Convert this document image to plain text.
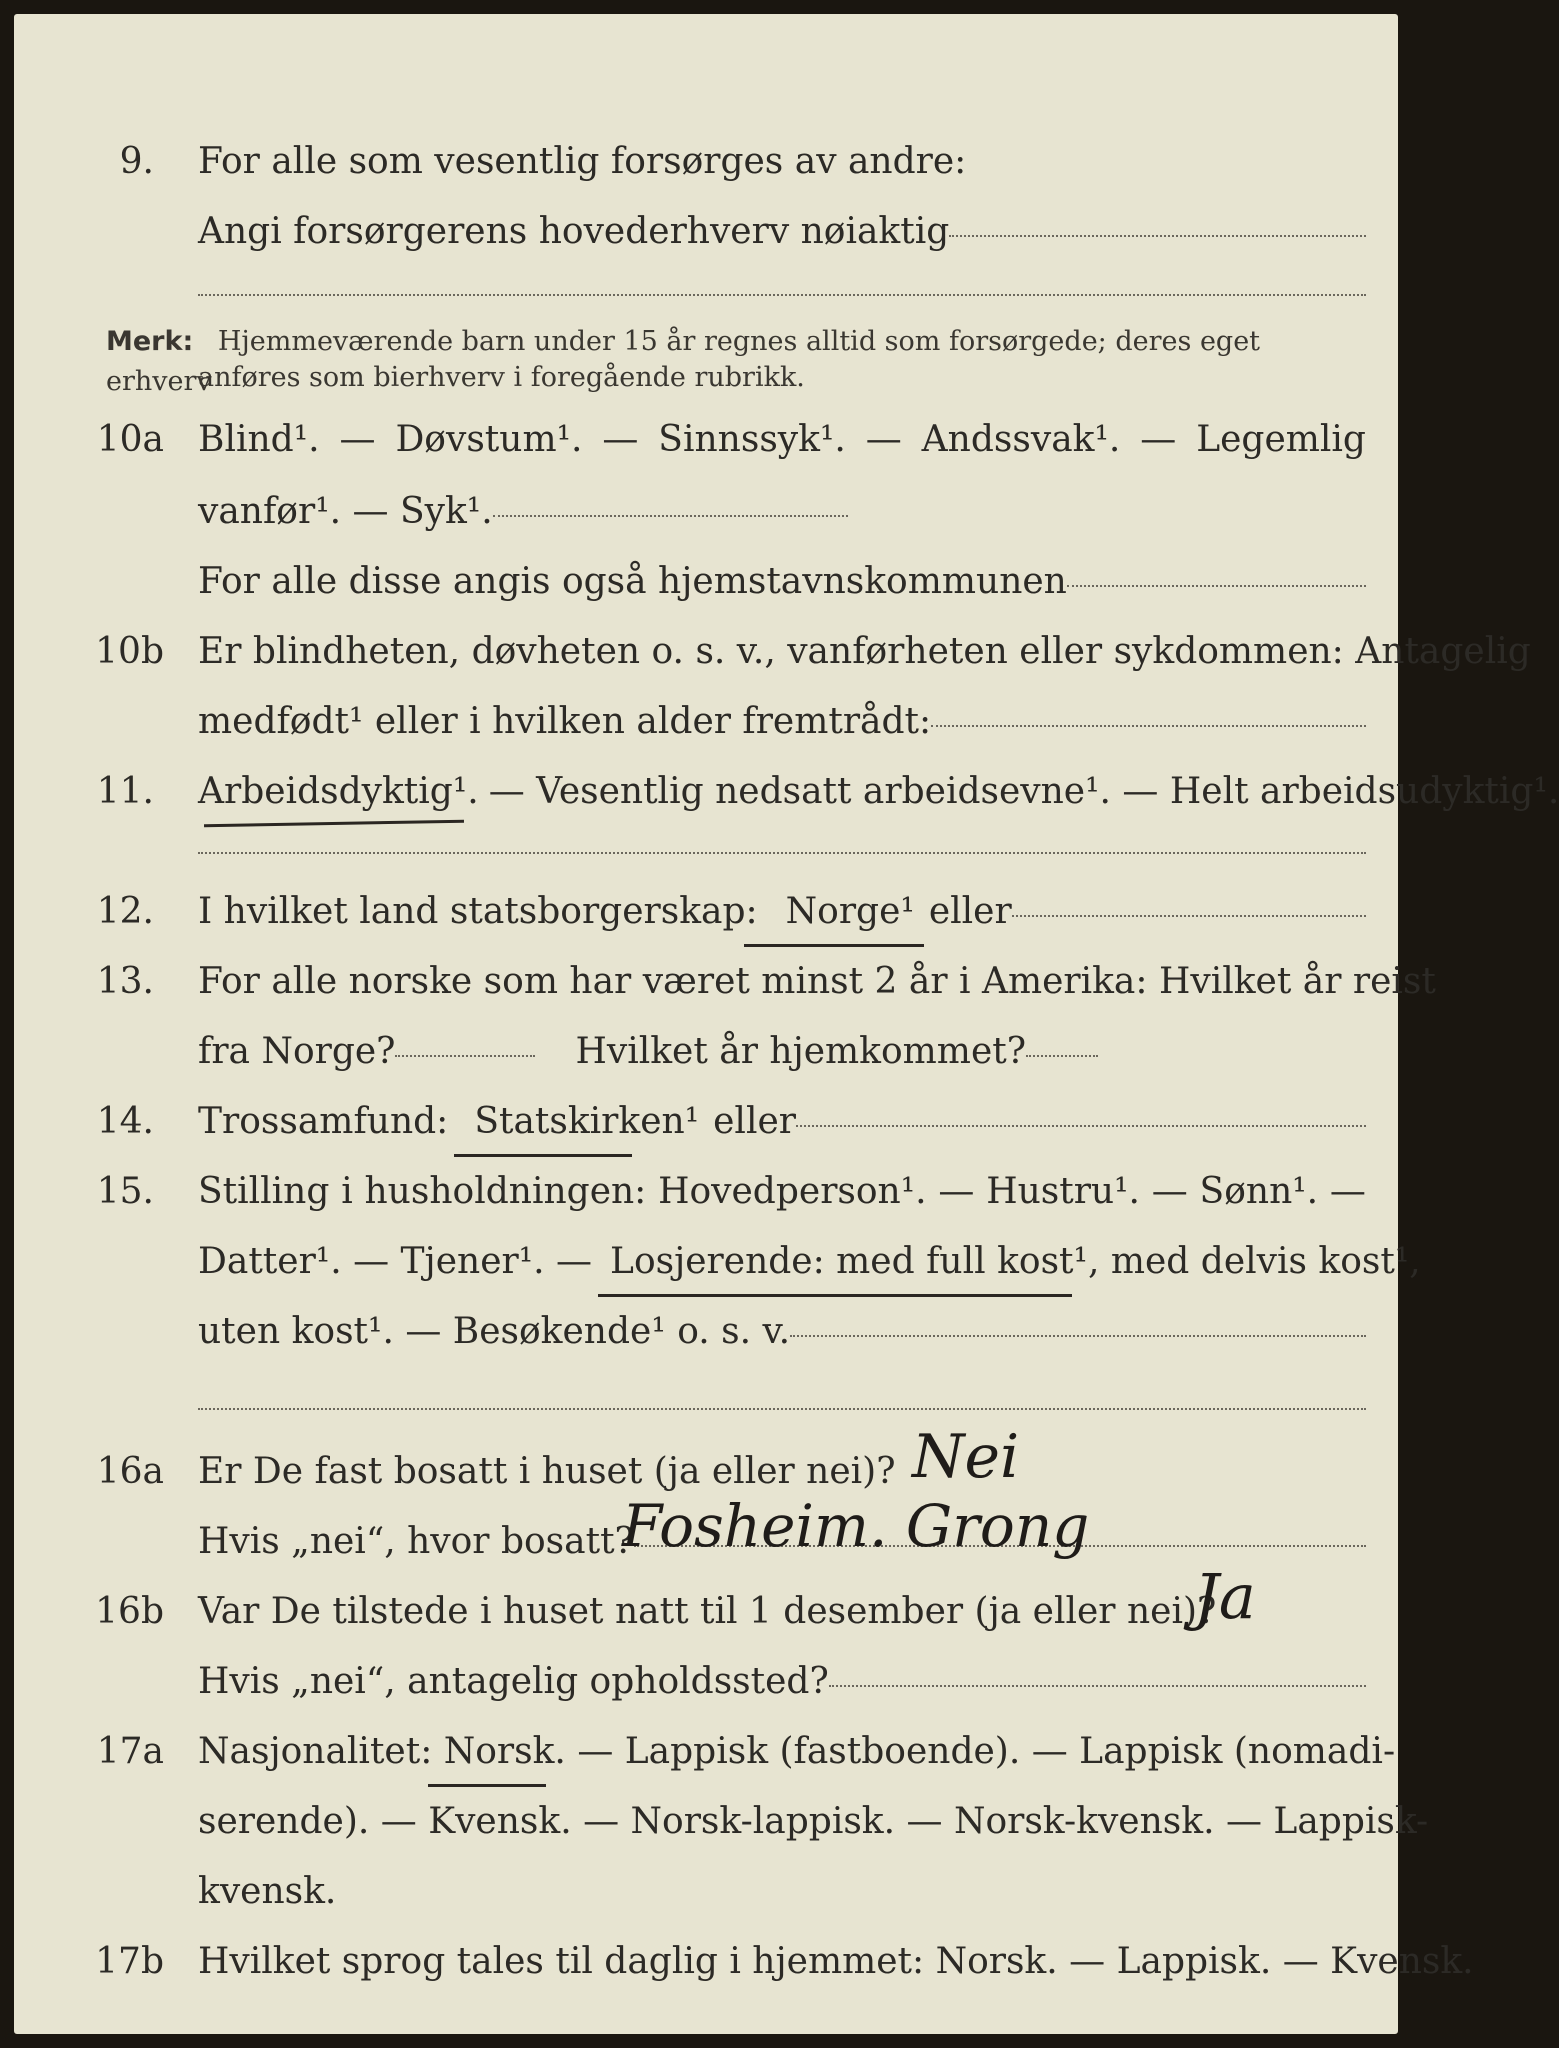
9. For alle som vesentlig forsørges av andre:
Angi forsørgerens hovederhverv nøiaktig
Merk: Hjemmeværende barn under 15 år regnes alltid som forsørgede; deres eget erhverv
anføres som bierhverv i foregående rubrikk.
10a Blind¹. — Døvstum¹. — Sinnssyk¹. — Andssvak¹. — Legemlig
vanfør¹. — Syk¹.
For alle disse angis også hjemstavnskommunen
10b Er blindheten, døvheten o. s. v., vanførheten eller sykdommen: Antagelig
medfødt¹ eller i hvilken alder fremtrådt:
11. Arbeidsdyktig¹. — Vesentlig nedsatt arbeidsevne¹. — Helt arbeidsudyktig¹.
12. I hvilket land statsborgerskap: Norge¹ eller
13. For alle norske som har været minst 2 år i Amerika: Hvilket år reist
fra Norge?	Hvilket år hjemkommet?
14. Trossamfund: Statskirken¹ eller
15. Stilling i husholdningen: Hovedperson¹. — Hustru¹. — Sønn¹. —
Datter¹. — Tjener¹. — Losjerende: med full kost¹ , med delvis kost¹,
uten kost¹. — Besøkende¹ o. s. v.
16a Er De fast bosatt i huset (ja eller nei)? Nei
Hvis „nei“, hvor bosatt?
Fosheim. Grong
16b Var De tilstede i huset natt til 1 desember (ja eller nei)?
Ja
Hvis „nei“, antagelig opholdssted?
17a Nasjonalitet: Norsk. — Lappisk (fastboende). — Lappisk (nomadi-
serende). — Kvensk. — Norsk-lappisk. — Norsk-kvensk. — Lappisk-
kvensk.
17b Hvilket sprog tales til daglig i hjemmet: Norsk. — Lappisk. — Kvensk.
